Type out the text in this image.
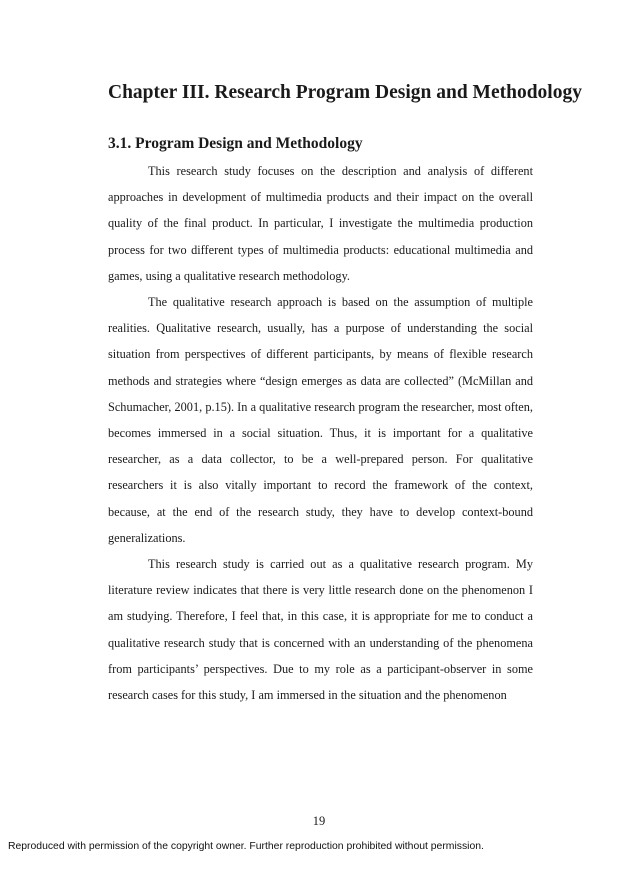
Chapter III. Research Program Design and Methodology
3.1. Program Design and Methodology

This research study focuses on the description and analysis of different approaches in development of multimedia products and their impact on the overall quality of the final product. In particular, I investigate the multimedia production process for two different types of multimedia products: educational multimedia and games, using a qualitative research methodology.

The qualitative research approach is based on the assumption of multiple realities. Qualitative research, usually, has a purpose of understanding the social situation from perspectives of different participants, by means of flexible research methods and strategies where “design emerges as data are collected” (McMillan and Schumacher, 2001, p.15). In a qualitative research program the researcher, most often, becomes immersed in a social situation. Thus, it is important for a qualitative researcher, as a data collector, to be a well-prepared person. For qualitative researchers it is also vitally important to record the framework of the context, because, at the end of the research study, they have to develop context-bound generalizations.

This research study is carried out as a qualitative research program. My literature review indicates that there is very little research done on the phenomenon I am studying. Therefore, I feel that, in this case, it is appropriate for me to conduct a qualitative research study that is concerned with an understanding of the phenomena from participants’ perspectives. Due to my role as a participant-observer in some research cases for this study, I am immersed in the situation and the phenomenon

19

Reproduced with permission of the copyright owner. Further reproduction prohibited without permission.
